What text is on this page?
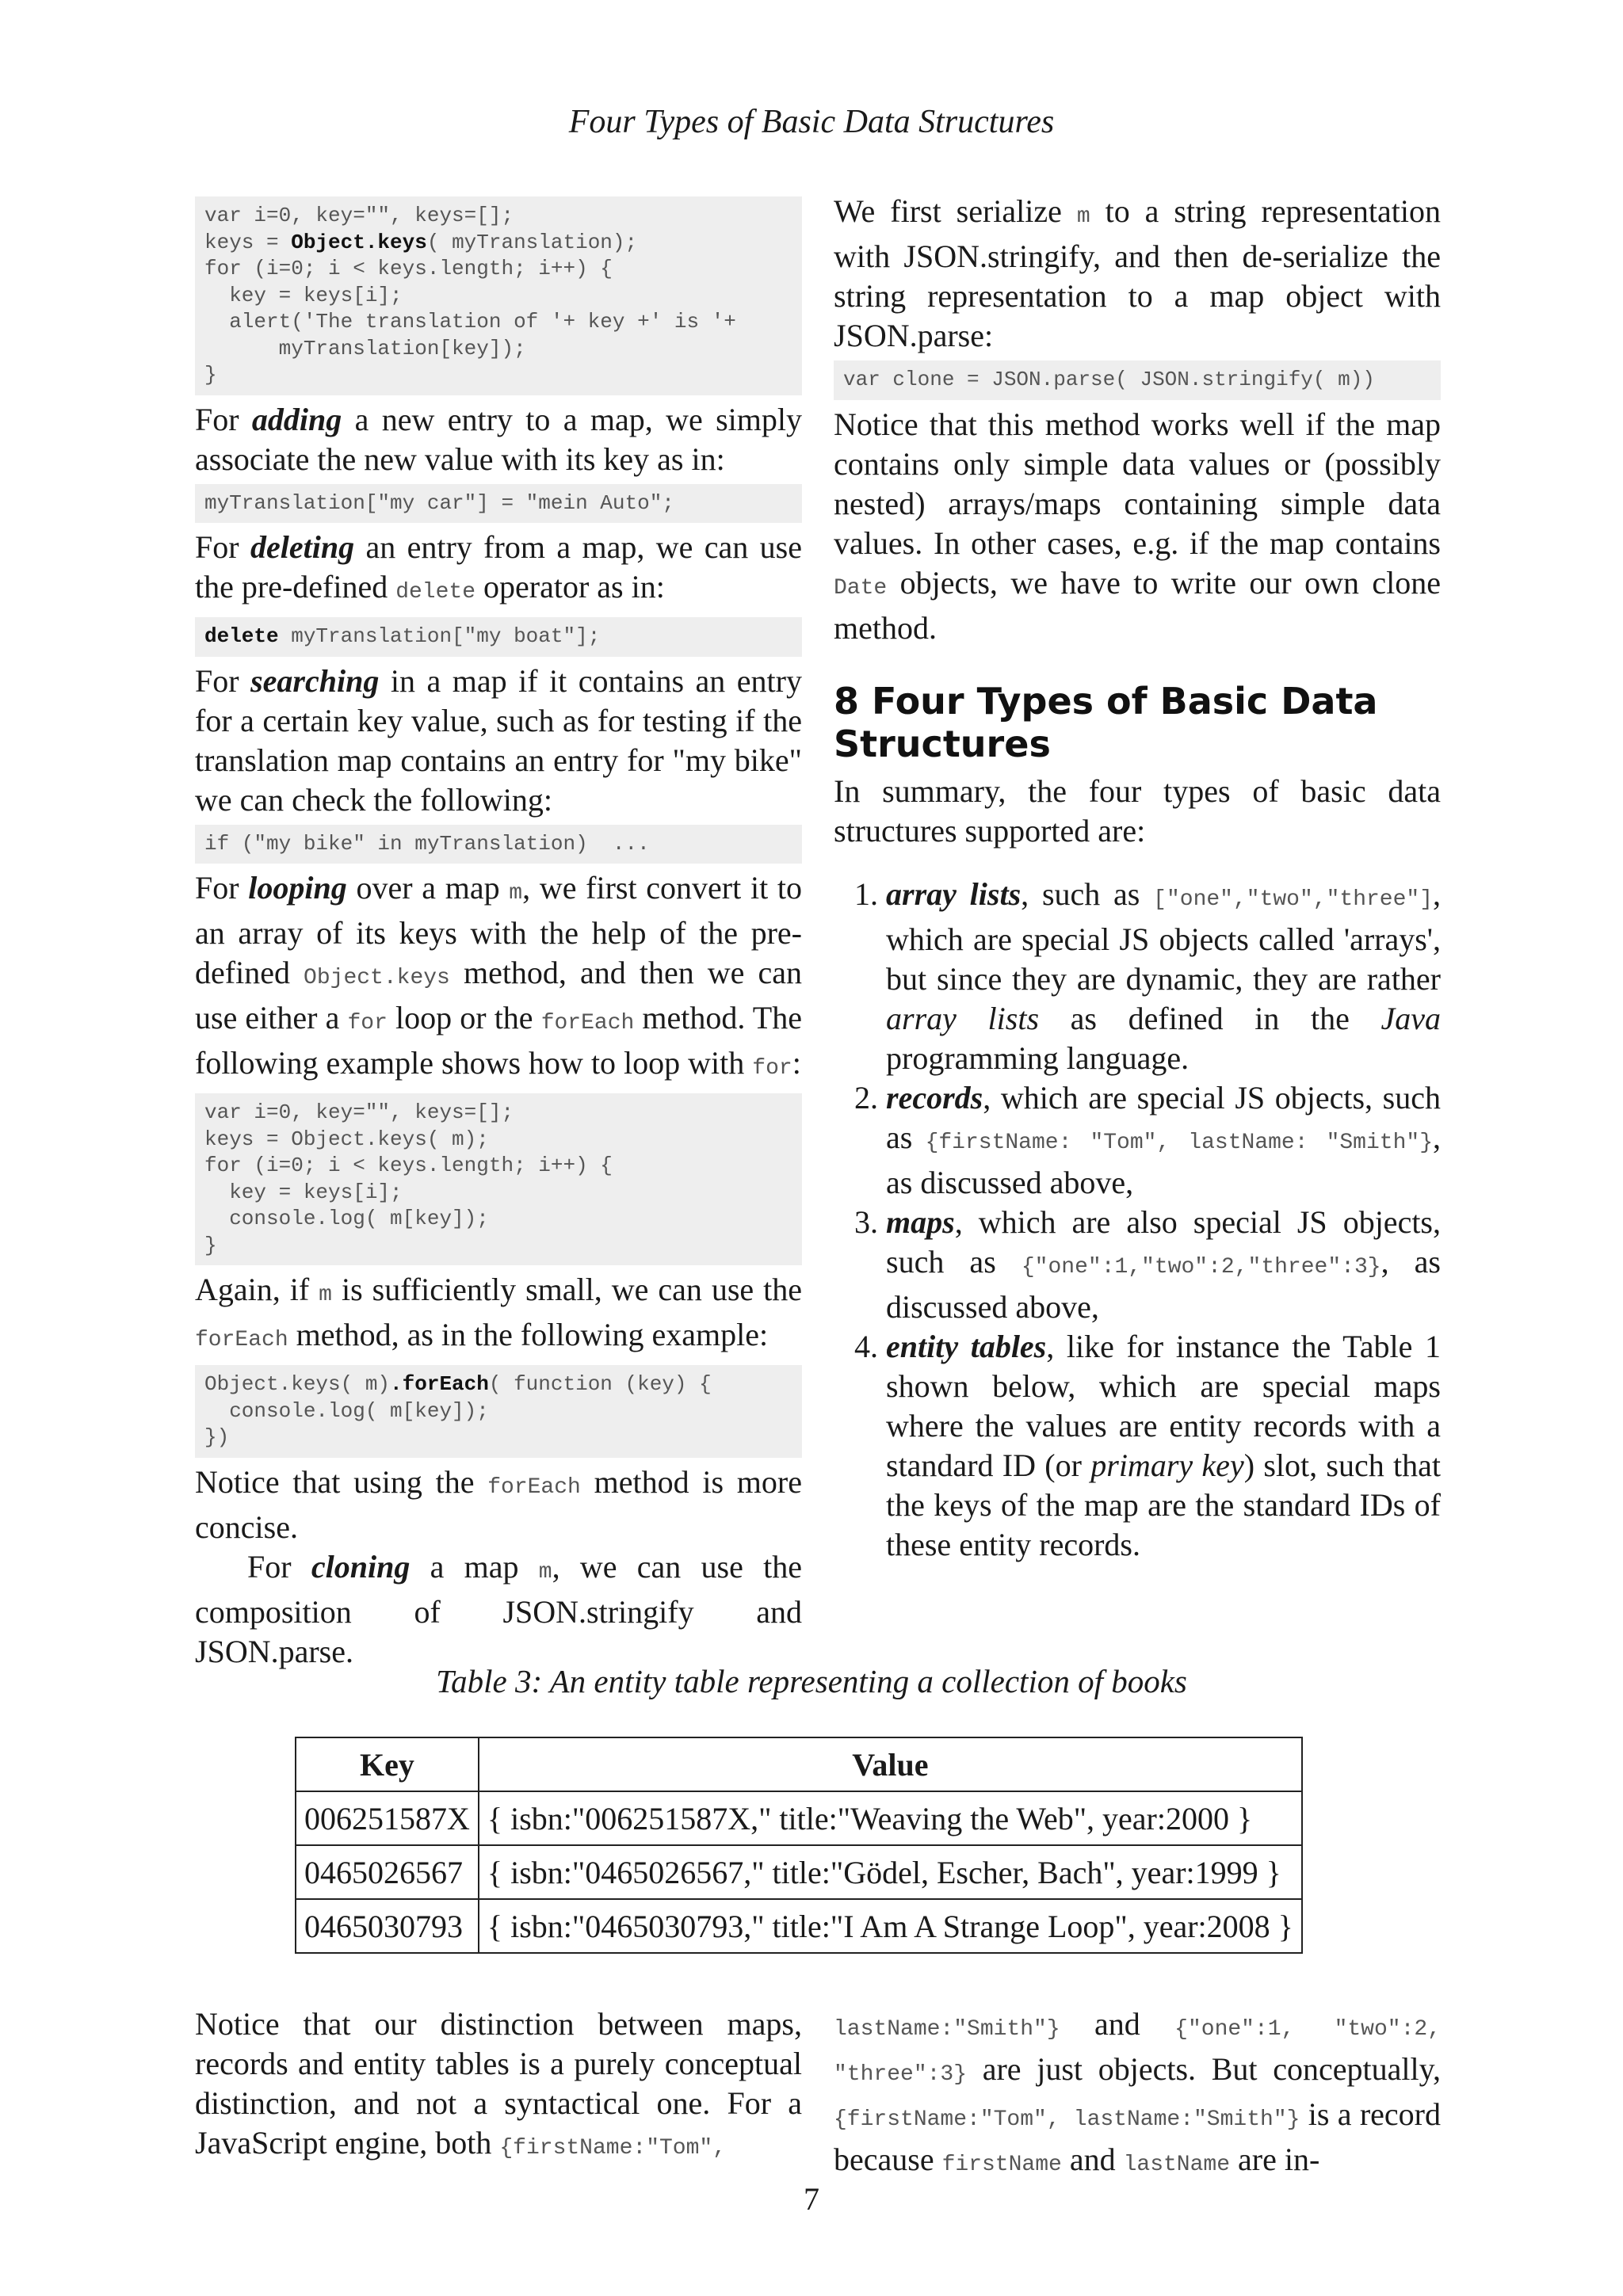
Four Types of Basic Data Structures
var i=0, key="", keys=[];
keys = Object.keys( myTranslation);
for (i=0; i < keys.length; i++) {
key = keys[i];
alert('The translation of '+ key +' is '+
myTranslation[key]);
}

For adding a new entry to a map, we simply associate the new value with its key as in:

myTranslation["my car"] = "mein Auto";

For deleting an entry from a map, we can use the pre-defined delete operator as in:

delete myTranslation["my boat"];

For searching in a map if it contains an entry for a certain key value, such as for testing if the translation map contains an entry for "my bike" we can check the following:

if ("my bike" in myTranslation)  ...

For looping over a map m, we first convert it to an array of its keys with the help of the pre-defined Object.keys method, and then we can use either a for loop or the forEach method. The following example shows how to loop with for:

var i=0, key="", keys=[];
keys = Object.keys( m);
for (i=0; i < keys.length; i++) {
key = keys[i];
console.log( m[key]);
}

Again, if m is sufficiently small, we can use the forEach method, as in the following example:

Object.keys( m).forEach( function (key) {
console.log( m[key]);
})

Notice that using the forEach method is more concise.

For cloning a map m, we can use the composition of JSON.stringify and JSON.parse.

We first serialize m to a string representation with JSON.stringify, and then de-serialize the string representation to a map object with JSON.parse:

var clone = JSON.parse( JSON.stringify( m))

Notice that this method works well if the map contains only simple data values or (possibly nested) arrays/maps containing simple data values. In other cases, e.g. if the map contains Date objects, we have to write our own clone method.

8 Four Types of Basic Data Structures

In summary, the four types of basic data structures supported are:

1. array lists, such as ["one","two","three"], which are special JS objects called 'arrays', but since they are dynamic, they are rather array lists as defined in the Java programming language.
2. records, which are special JS objects, such as {firstName: "Tom", lastName: "Smith"}, as discussed above,
3. maps, which are also special JS objects, such as {"one":1,"two":2,"three":3}, as discussed above,
4. entity tables, like for instance the Table 1 shown below, which are special maps where the values are entity records with a standard ID (or primary key) slot, such that the keys of the map are the standard IDs of these entity records.
Table 3: An entity table representing a collection of books
Key	Value
006251587X	{ isbn:"006251587X," title:"Weaving the Web", year:2000 }
0465026567	{ isbn:"0465026567," title:"Gödel, Escher, Bach", year:1999 }
0465030793	{ isbn:"0465030793," title:"I Am A Strange Loop", year:2008 }

Notice that our distinction between maps, records and entity tables is a purely conceptual distinction, and not a syntactical one. For a JavaScript engine, both {firstName:"Tom",

lastName:"Smith"} and {"one":1, "two":2, "three":3} are just objects. But conceptually, {firstName:"Tom", lastName:"Smith"} is a record because firstName and lastName are in-

7
